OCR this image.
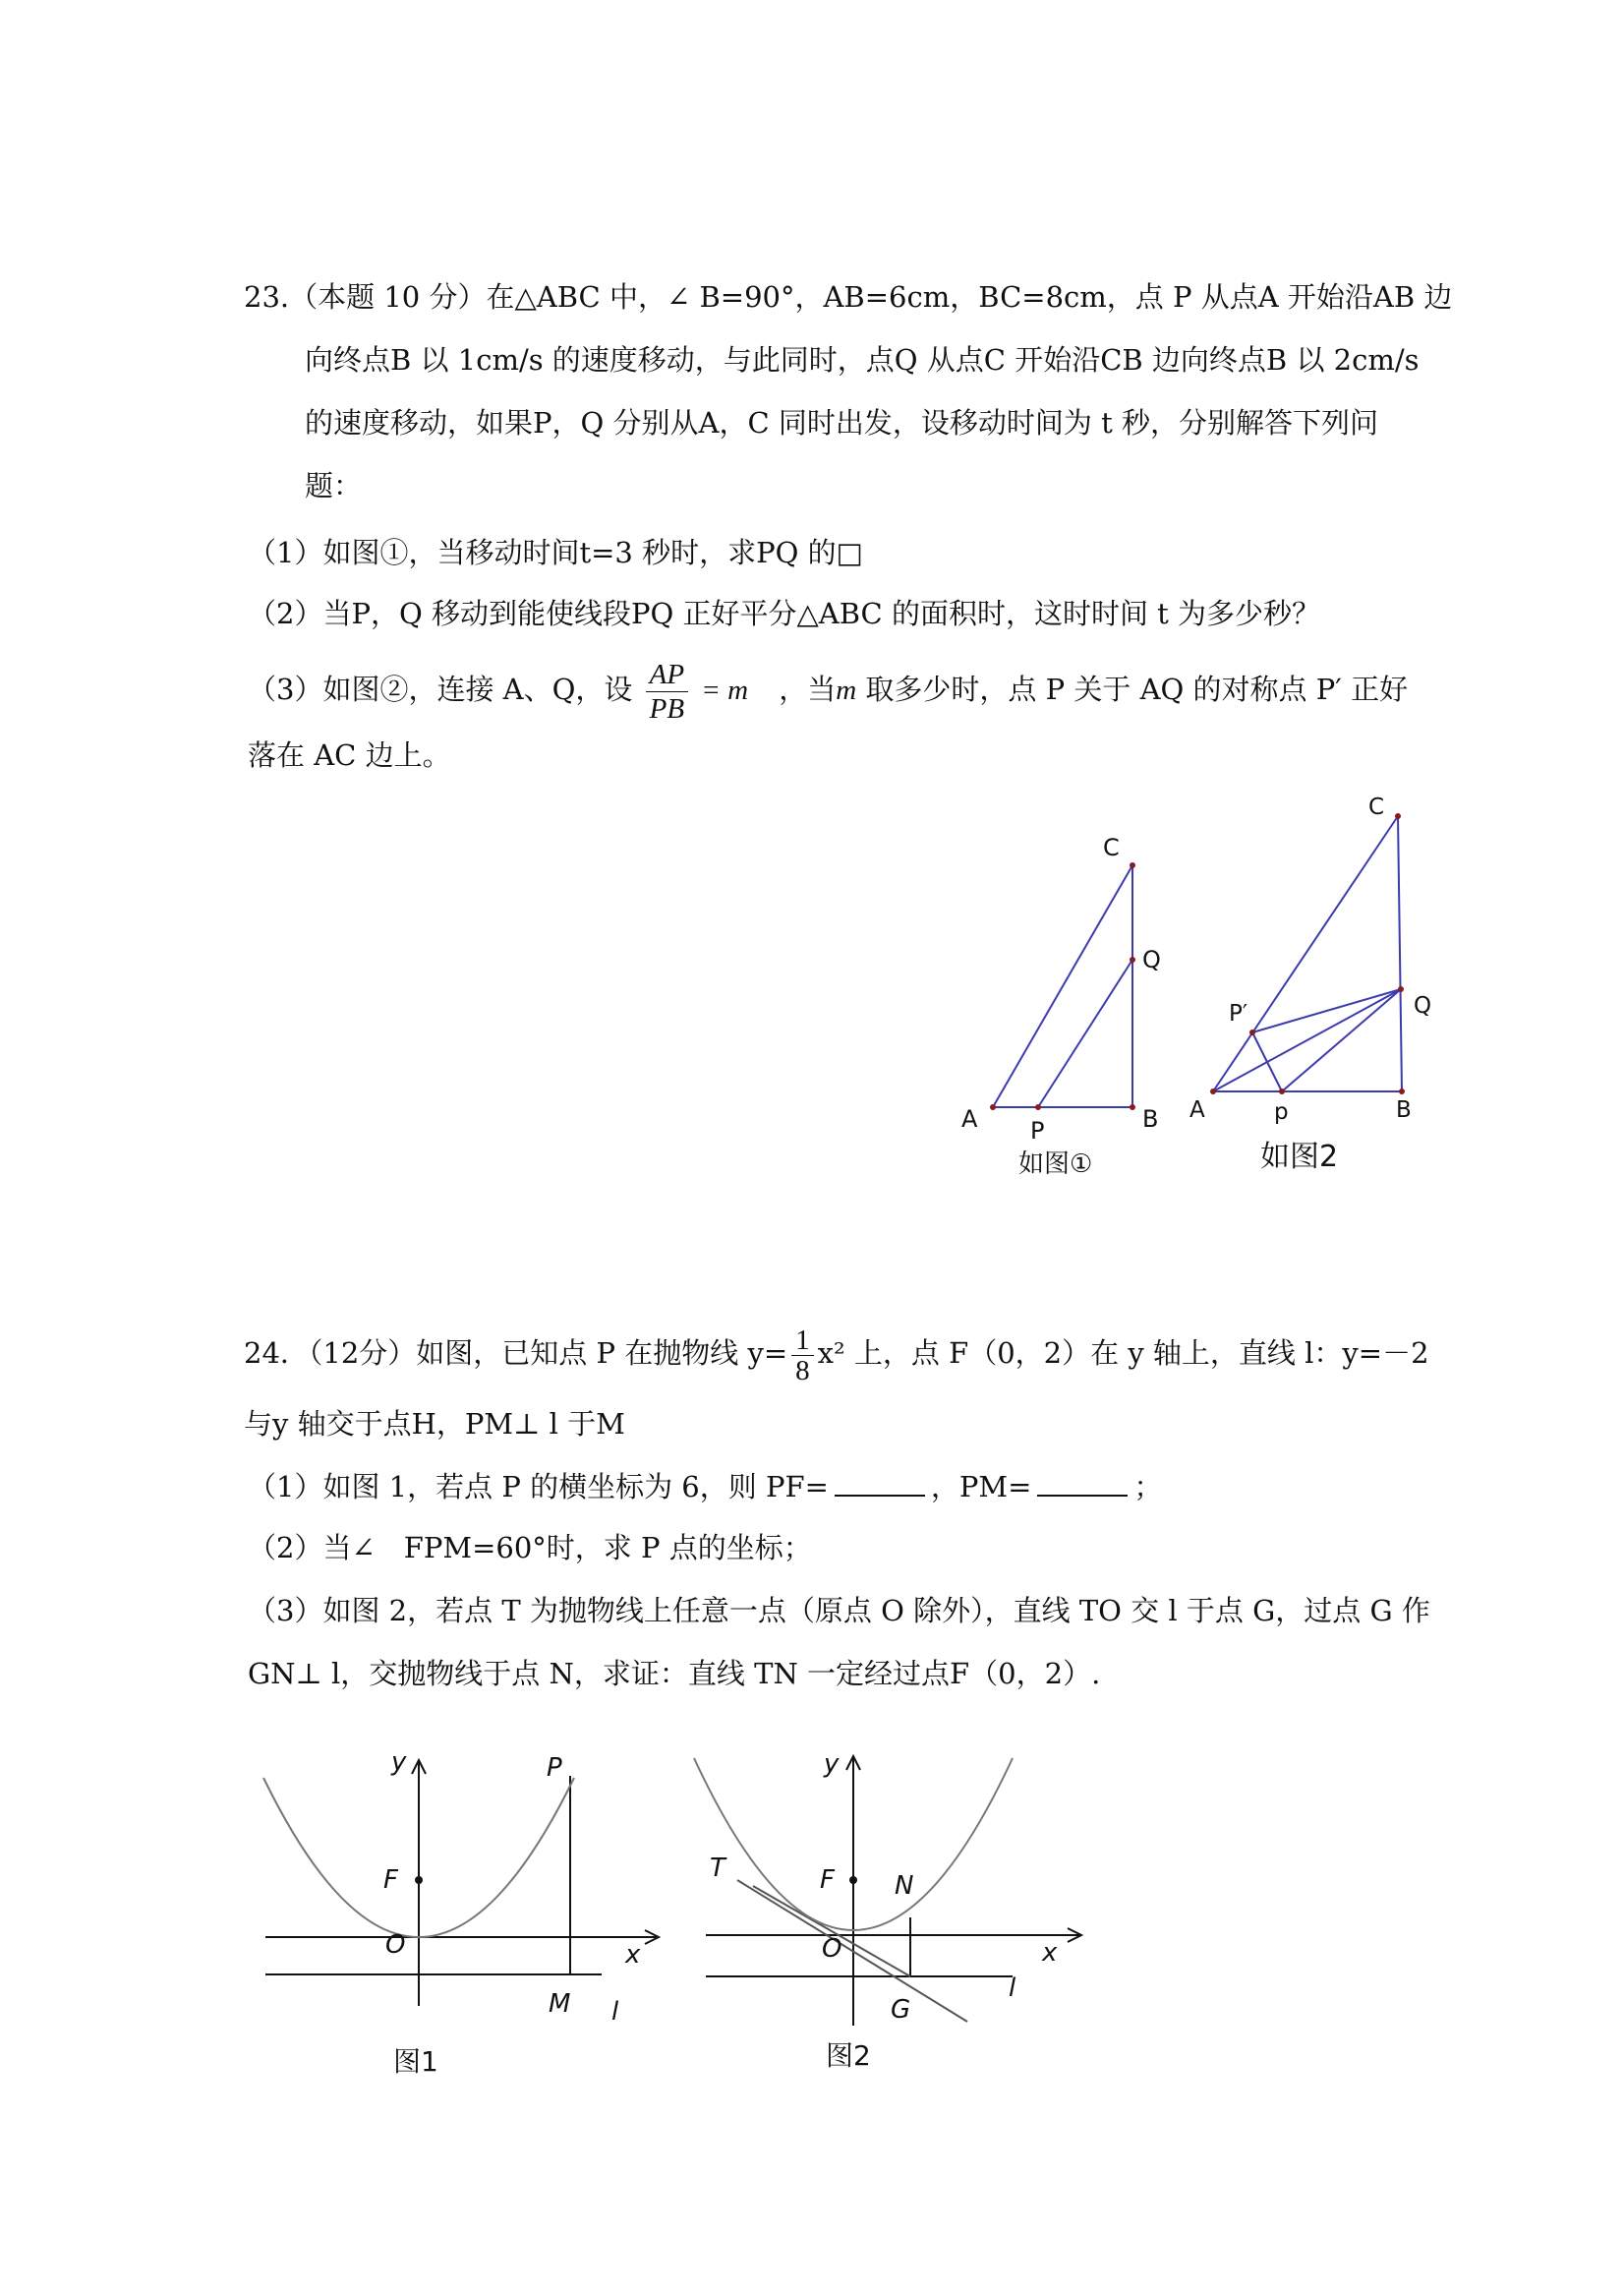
23.（本题 10 分）在△ABC 中，∠ B=90°，AB=6cm，BC=8cm，点 P 从点A 开始沿AB 边
向终点B 以 1cm/s 的速度移动，与此同时，点Q 从点C 开始沿CB 边向终点B 以 2cm/s
的速度移动，如果P，Q 分别从A，C 同时出发，设移动时间为 t 秒，分别解答下列问
题：
（1）如图①，当移动时间t=3 秒时，求PQ 的□
（2）当P，Q 移动到能使线段PQ 正好平分△ABC 的面积时，这时时间 t 为多少秒？
（3）如图②，连接 A、Q，设 $\frac{AP}{PB} = m$ ，当m 取多少时，点 P 关于 AQ 的对称点 P′ 正好
落在 AC 边上。
C
Q
A P	B
如图①
C
Q
P′
A	p	B
如图2
24．（12分）如图，已知点 P 在抛物线 $y= \frac{1}{8} x^2$ 上，点 F（0，2）在 y 轴上，直线 l：y=－2
与y 轴交于点H，PM⊥ l 于M
（1）如图 1，若点 P 的横坐标为 6，则 PF=	，PM=	；
（2）当∠　FPM=60°时，求 P 点的坐标；
（3）如图 2，若点 T 为抛物线上任意一点（原点 O 除外），直线 TO 交 l 于点 G，过点 G 作
GN⊥ l，交抛物线于点 N，求证：直线 TN 一定经过点F（0，2）.
y	P
F
O	x
M l
图1
y
T	F N
O	x
G
l
图2
